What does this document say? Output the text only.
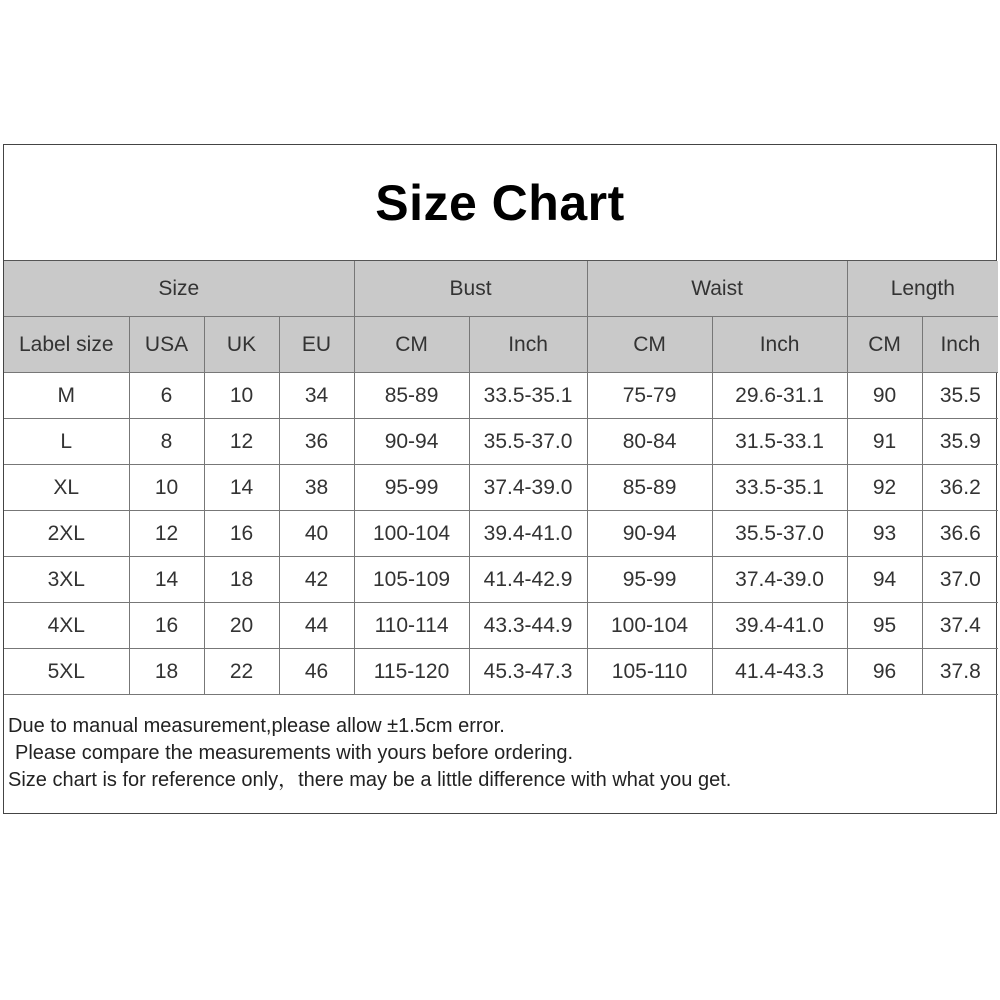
Size Chart
Size				Bust		Waist		Length	
Label size	USA	UK	EU	CM	Inch	CM	Inch	CM	Inch
M	6	10	34	85-89	33.5-35.1	75-79	29.6-31.1	90	35.5
L	8	12	36	90-94	35.5-37.0	80-84	31.5-33.1	91	35.9
XL	10	14	38	95-99	37.4-39.0	85-89	33.5-35.1	92	36.2
2XL	12	16	40	100-104	39.4-41.0	90-94	35.5-37.0	93	36.6
3XL	14	18	42	105-109	41.4-42.9	95-99	37.4-39.0	94	37.0
4XL	16	20	44	110-114	43.3-44.9	100-104	39.4-41.0	95	37.4
5XL	18	22	46	115-120	45.3-47.3	105-110	41.4-43.3	96	37.8
Due to manual measurement,please allow ±1.5cm error.
Please compare the measurements with yours before ordering.
Size chart is for reference only，there may be a little difference with what you get.
